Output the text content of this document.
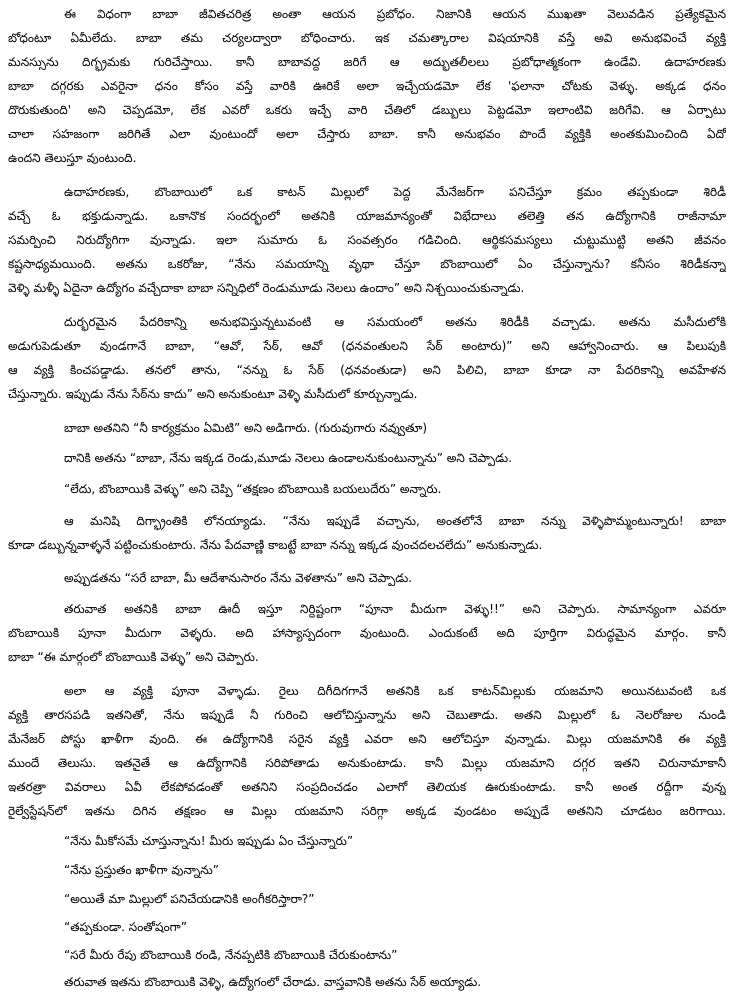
ఈ విధంగా బాబా జీవితచరిత్ర అంతా ఆయన ప్రబోధం. నిజానికి ఆయన ముఖతా వెలువడిన ప్రత్యేకమైన
బోధంటూ ఏమీలేదు. బాబా తమ చర్యలద్వారా బోధించారు. ఇక చమత్కారాల విషయానికి వస్తే అవి అనుభవించే వ్యక్తి
మనస్సును దిగ్భ్రమకు గురిచేస్తాయి. కానీ బాబావద్ద జరిగే ఆ అద్భుతలీలలు ప్రబోధాత్మకంగా ఉండేవి. ఉదాహరణకు
బాబా దగ్గరకు ఎవరైనా ధనం కోసం వస్తే వారికి ఊరికే అలా ఇచ్చేయడమో లేక 'ఫలానా చోటకు వెళ్ళు. అక్కడ ధనం
దొరుకుతుంది' అని చెప్పడమో, లేక ఎవరో ఒకరు ఇచ్చే వారి చేతిలో డబ్బులు పెట్టడమో ఇలాంటివి జరిగేవి. ఆ ఏర్పాటు
చాలా సహజంగా జరిగితే ఎలా వుంటుందో అలా చేస్తారు బాబా. కానీ అనుభవం పొందే వ్యక్తికి అంతకుమించింది ఏదో
ఉందని తెలుస్తూ వుంటుంది.
ఉదాహరణకు, బొంబాయిలో ఒక కాటన్ మిల్లులో పెద్ద మేనేజర్‌గా పనిచేస్తూ క్రమం తప్పకుండా శిరిడీ
వచ్చే ఓ భక్తుడున్నాడు. ఒకానొక సందర్భంలో అతనికి యాజమాన్యంతో విభేదాలు తలెత్తి తన ఉద్యోగానికి రాజీనామా
సమర్పించి నిరుద్యోగిగా వున్నాడు. ఇలా సుమారు ఓ సంవత్సరం గడిచింది. ఆర్థికసమస్యలు చుట్టుముట్టి అతని జీవనం
కష్టసాధ్యమయింది. అతను ఒకరోజు, “నేను సమయాన్ని వృథా చేస్తూ బొంబాయిలో ఏం చేస్తున్నాను? కనీసం శిరిడీకన్నా
వెళ్ళి మళ్ళీ ఏదైనా ఉద్యోగం వచ్చేదాకా బాబా సన్నిధిలో రెండుమూడు నెలలు ఉందాం” అని నిశ్చయించుకున్నాడు.
దుర్భరమైన పేదరికాన్ని అనుభవిస్తున్నటువంటి ఆ సమయంలో అతను శిరిడీకి వచ్చాడు. అతను మసీదులోకి
అడుగుపెడుతూ వుండగానే బాబా, “ఆవో, సేఠ్, ఆవో (ధనవంతులని సేఠ్ అంటారు)” అని ఆహ్వానించారు. ఆ పిలుపుకి
ఆ వ్యక్తి కించపడ్డాడు. తనలో తాను, “నన్ను ఓ సేఠ్ (ధనవంతుడా) అని పిలిచి, బాబా కూడా నా పేదరికాన్ని అవహేళన
చేస్తున్నారు. ఇప్పుడు నేను సేఠ్‌ను కాదు” అని అనుకుంటూ వెళ్ళి మసీదులో కూర్చున్నాడు.
బాబా అతనిని “నీ కార్యక్రమం ఏమిటి” అని అడిగారు. (గురువుగారు నవ్వుతూ)
దానికి అతను “బాబా, నేను ఇక్కడ రెండు,మూడు నెలలు ఉండాలనుకుంటున్నాను” అని చెప్పాడు.
“లేదు, బొంబాయికి వెళ్ళు” అని చెప్పి “తక్షణం బొంబాయికి బయలుదేరు” అన్నారు.
ఆ మనిషి దిగ్భ్రాంతికి లోనయ్యాడు. “నేను ఇప్పుడే వచ్చాను, అంతలోనే బాబా నన్ను వెళ్ళిపొమ్మంటున్నారు! బాబా
కూడా డబ్బున్నవాళ్ళనే పట్టించుకుంటారు. నేను పేదవాణ్ణి కాబట్టే బాబా నన్ను ఇక్కడ వుంచదలచలేదు” అనుకున్నాడు.
అప్పుడతను “సరే బాబా, మీ ఆదేశానుసారం నేను వెళతాను” అని చెప్పాడు.
తరువాత అతనికి బాబా ఊదీ ఇస్తూ నిర్దిష్టంగా “పూనా మీదుగా వెళ్ళు!!” అని చెప్పారు. సామాన్యంగా ఎవరూ
బొంబాయికి పూనా మీదుగా వెళ్ళరు. అది హాస్యాస్పదంగా వుంటుంది. ఎందుకంటే అది పూర్తిగా విరుద్ధమైన మార్గం. కానీ
బాబా “ఈ మార్గంలో బొంబాయికి వెళ్ళు” అని చెప్పారు.
అలా ఆ వ్యక్తి పూనా వెళ్ళాడు. రైలు దిగీదిగగానే అతనికి ఒక కాటన్‌మిల్లుకు యజమాని అయినటువంటి ఒక
వ్యక్తి తారసపడి ఇతనితో, నేను ఇప్పుడే నీ గురించి ఆలోచిస్తున్నాను అని చెబుతాడు. అతని మిల్లులో ఓ నెలరోజుల నుండి
మేనేజర్ పోస్టు ఖాళీగా వుంది. ఈ ఉద్యోగానికి సరైన వ్యక్తి ఎవరా అని ఆలోచిస్తూ వున్నాడు. మిల్లు యజమానికి ఈ వ్యక్తి
ముందే తెలుసు. ఇతనైతే ఆ ఉద్యోగానికి సరిపోతాడు అనుకుంటాడు. కానీ మిల్లు యజమాని దగ్గర ఇతని చిరునామాకానీ
ఇతరత్రా వివరాలు ఏవీ లేకపోవడంతో అతనిని సంప్రదించడం ఎలాగో తెలియక ఊరుకుంటాడు. కానీ అంత రద్దీగా వున్న
రైల్వేస్టేషన్‌లో ఇతను దిగిన తక్షణం ఆ మిల్లు యజమాని సరిగ్గా అక్కడ వుండటం అప్పుడే అతనిని చూడటం జరిగాయి.
“నేను మీకోసమే చూస్తున్నాను! మీరు ఇప్పుడు ఏం చేస్తున్నారు”
“నేను ప్రస్తుతం ఖాళీగా వున్నాను”
“అయితే మా మిల్లులో పనిచేయడానికి అంగీకరిస్తారా?”
“తప్పకుండా. సంతోషంగా”
“సరే మీరు రేపు బొంబాయికి రండి, నేనప్పటికి బొంబాయికి చేరుకుంటాను”
తరువాత ఇతను బొంబాయికి వెళ్ళి, ఉద్యోగంలో చేరాడు. వాస్తవానికి అతను సేఠ్ అయ్యాడు.
